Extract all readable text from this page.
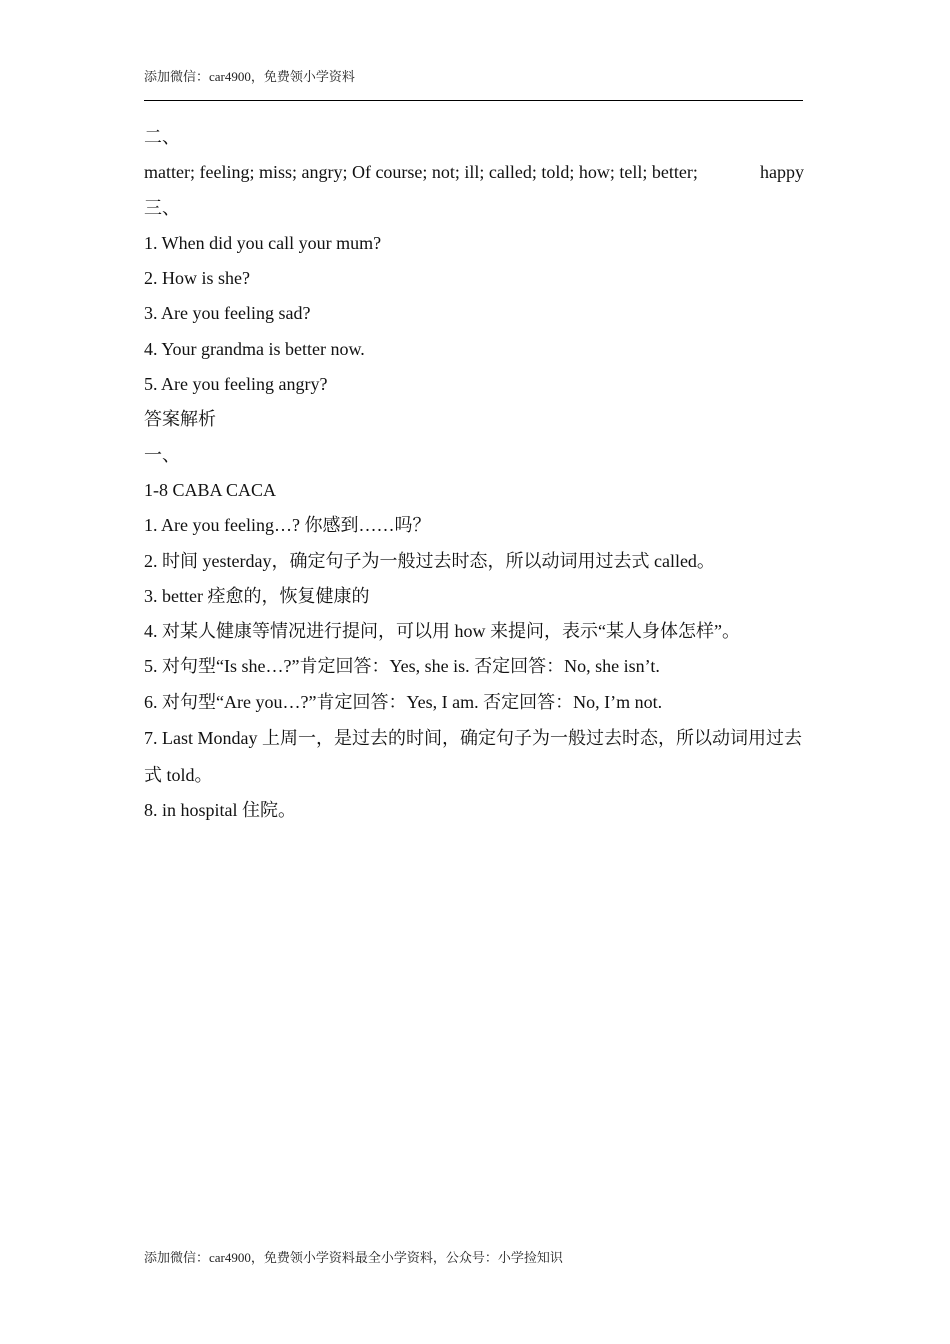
添加微信：car4900，免费领小学资料
二、
matter; feeling; miss; angry; Of course; not; ill; called; told; how; tell; better;	happy
三、
1. When did you call your mum?
2. How is she?
3. Are you feeling sad?
4. Your grandma is better now.
5. Are you feeling angry?
答案解析
一、
1-8 CABA CACA
1. Are you feeling…? 你感到……吗？
2. 时间 yesterday，确定句子为一般过去时态，所以动词用过去式 called。
3. better 痊愈的，恢复健康的
4. 对某人健康等情况进行提问，可以用 how 来提问，表示“某人身体怎样”。
5. 对句型“Is she…?”肯定回答：Yes, she is. 否定回答：No, she isn’t.
6. 对句型“Are you…?”肯定回答：Yes, I am. 否定回答：No, I’m not.
7. Last Monday 上周一，是过去的时间，确定句子为一般过去时态，所以动词用过去式 told。
8. in hospital 住院。
添加微信：car4900，免费领小学资料最全小学资料，公众号：小学捡知识
